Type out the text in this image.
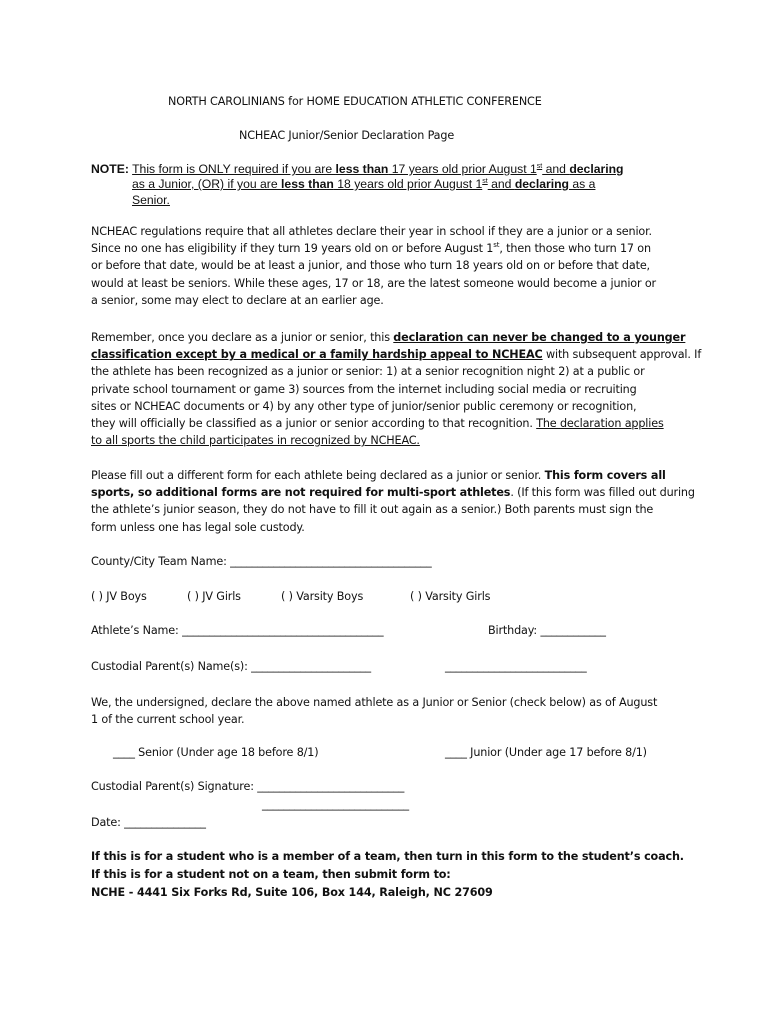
NORTH CAROLINIANS for HOME EDUCATION ATHLETIC CONFERENCE
NCHEAC Junior/Senior Declaration Page
NOTE: This form is ONLY required if you are less than 17 years old prior August 1st and declaring
as a Junior, (OR) if you are less than 18 years old prior August 1st and declaring as a
Senior.

NCHEAC regulations require that all athletes declare their year in school if they are a junior or a senior.

Since no one has eligibility if they turn 19 years old on or before August 1st, then those who turn 17 on

or before that date, would be at least a junior, and those who turn 18 years old on or before that date,

would at least be seniors. While these ages, 17 or 18, are the latest someone would become a junior or

a senior, some may elect to declare at an earlier age.

Remember, once you declare as a junior or senior, this declaration can never be changed to a younger

classification except by a medical or a family hardship appeal to NCHEAC with subsequent approval. If

the athlete has been recognized as a junior or senior: 1) at a senior recognition night 2) at a public or

private school tournament or game 3) sources from the internet including social media or recruiting

sites or NCHEAC documents or 4) by any other type of junior/senior public ceremony or recognition,

they will officially be classified as a junior or senior according to that recognition. The declaration applies

to all sports the child participates in recognized by NCHEAC.

Please fill out a different form for each athlete being declared as a junior or senior. This form covers all

sports, so additional forms are not required for multi-sport athletes. (If this form was filled out during

the athlete’s junior season, they do not have to fill it out again as a senior.) Both parents must sign the

form unless one has legal sole custody.

County/City Team Name: _____________________________________
( ) JV Boys	( ) JV Girls	( ) Varsity Boys	( ) Varsity Girls
Athlete’s Name: _____________________________________	Birthday: ____________
Custodial Parent(s) Name(s): ______________________	__________________________

We, the undersigned, declare the above named athlete as a Junior or Senior (check below) as of August

1 of the current school year.

____ Senior (Under age 18 before 8/1)	____ Junior (Under age 17 before 8/1)
Custodial Parent(s) Signature: ___________________________
___________________________
Date: _______________
If this is for a student who is a member of a team, then turn in this form to the student’s coach.
If this is for a student not on a team, then submit form to:
NCHE - 4441 Six Forks Rd, Suite 106, Box 144, Raleigh, NC 27609
